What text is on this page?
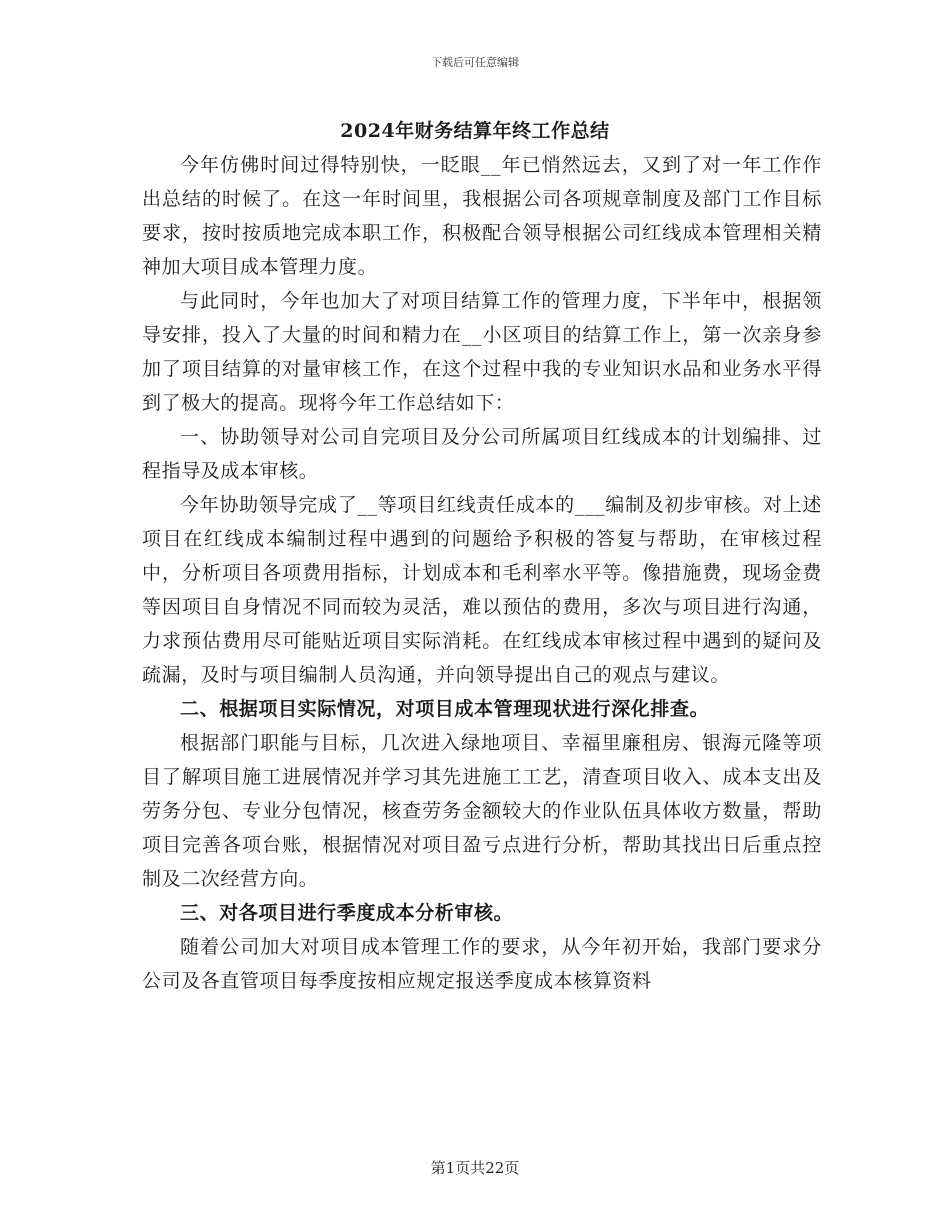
下载后可任意编辑
2024年财务结算年终工作总结

今年仿佛时间过得特别快，一眨眼__年已悄然远去，又到了对一年工作作出总结的时候了。在这一年时间里，我根据公司各项规章制度及部门工作目标要求，按时按质地完成本职工作，积极配合领导根据公司红线成本管理相关精神加大项目成本管理力度。

与此同时，今年也加大了对项目结算工作的管理力度，下半年中，根据领导安排，投入了大量的时间和精力在__小区项目的结算工作上，第一次亲身参加了项目结算的对量审核工作，在这个过程中我的专业知识水品和业务水平得到了极大的提高。现将今年工作总结如下：

一、协助领导对公司自完项目及分公司所属项目红线成本的计划编排、过程指导及成本审核。

今年协助领导完成了__等项目红线责任成本的___编制及初步审核。对上述项目在红线成本编制过程中遇到的问题给予积极的答复与帮助，在审核过程中，分析项目各项费用指标，计划成本和毛利率水平等。像措施费，现场金费等因项目自身情况不同而较为灵活，难以预估的费用，多次与项目进行沟通，力求预估费用尽可能贴近项目实际消耗。在红线成本审核过程中遇到的疑问及疏漏，及时与项目编制人员沟通，并向领导提出自己的观点与建议。

二、根据项目实际情况，对项目成本管理现状进行深化排查。

根据部门职能与目标，几次进入绿地项目、幸福里廉租房、银海元隆等项目了解项目施工进展情况并学习其先进施工工艺，清查项目收入、成本支出及劳务分包、专业分包情况，核查劳务金额较大的作业队伍具体收方数量，帮助项目完善各项台账，根据情况对项目盈亏点进行分析，帮助其找出日后重点控制及二次经营方向。

三、对各项目进行季度成本分析审核。

随着公司加大对项目成本管理工作的要求，从今年初开始，我部门要求分公司及各直管项目每季度按相应规定报送季度成本核算资料

第1页共22页
